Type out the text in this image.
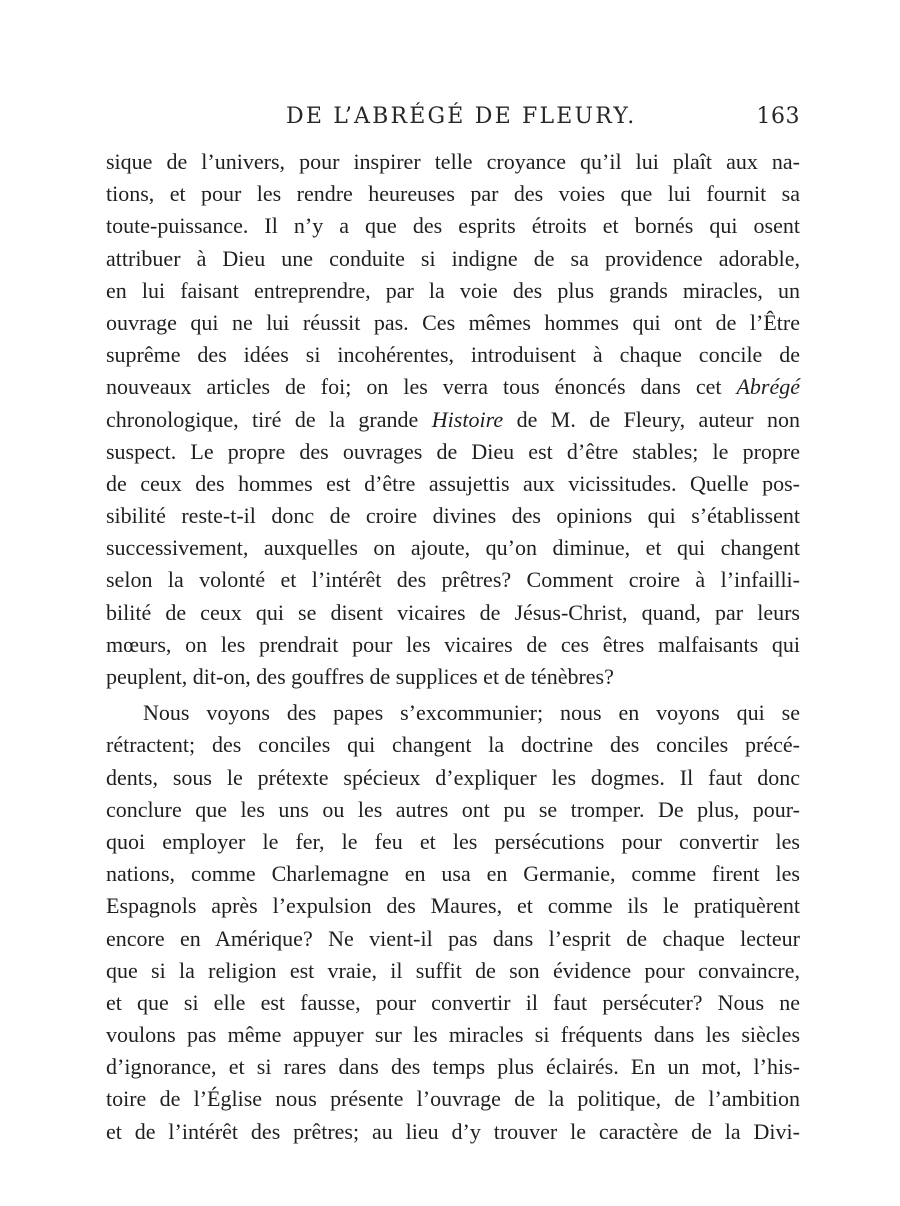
DE L’ABRÉGÉ DE FLEURY.	163
sique de l’univers, pour inspirer telle croyance qu’il lui plaît aux na-
tions, et pour les rendre heureuses par des voies que lui fournit sa
toute-puissance. Il n’y a que des esprits étroits et bornés qui osent
attribuer à Dieu une conduite si indigne de sa providence adorable,
en lui faisant entreprendre, par la voie des plus grands miracles, un
ouvrage qui ne lui réussit pas. Ces mêmes hommes qui ont de l’Être
suprême des idées si incohérentes, introduisent à chaque concile de
nouveaux articles de foi; on les verra tous énoncés dans cet Abrégé
chronologique, tiré de la grande Histoire de M. de Fleury, auteur non
suspect. Le propre des ouvrages de Dieu est d’être stables; le propre
de ceux des hommes est d’être assujettis aux vicissitudes. Quelle pos-
sibilité reste-t-il donc de croire divines des opinions qui s’établissent
successivement, auxquelles on ajoute, qu’on diminue, et qui changent
selon la volonté et l’intérêt des prêtres? Comment croire à l’infailli-
bilité de ceux qui se disent vicaires de Jésus-Christ, quand, par leurs
mœurs, on les prendrait pour les vicaires de ces êtres malfaisants qui
peuplent, dit-on, des gouffres de supplices et de ténèbres?
Nous voyons des papes s’excommunier; nous en voyons qui se
rétractent; des conciles qui changent la doctrine des conciles précé-
dents, sous le prétexte spécieux d’expliquer les dogmes. Il faut donc
conclure que les uns ou les autres ont pu se tromper. De plus, pour-
quoi employer le fer, le feu et les persécutions pour convertir les
nations, comme Charlemagne en usa en Germanie, comme firent les
Espagnols après l’expulsion des Maures, et comme ils le pratiquèrent
encore en Amérique? Ne vient-il pas dans l’esprit de chaque lecteur
que si la religion est vraie, il suffit de son évidence pour convaincre,
et que si elle est fausse, pour convertir il faut persécuter? Nous ne
voulons pas même appuyer sur les miracles si fréquents dans les siècles
d’ignorance, et si rares dans des temps plus éclairés. En un mot, l’his-
toire de l’Église nous présente l’ouvrage de la politique, de l’ambition
et de l’intérêt des prêtres; au lieu d’y trouver le caractère de la Divi-
